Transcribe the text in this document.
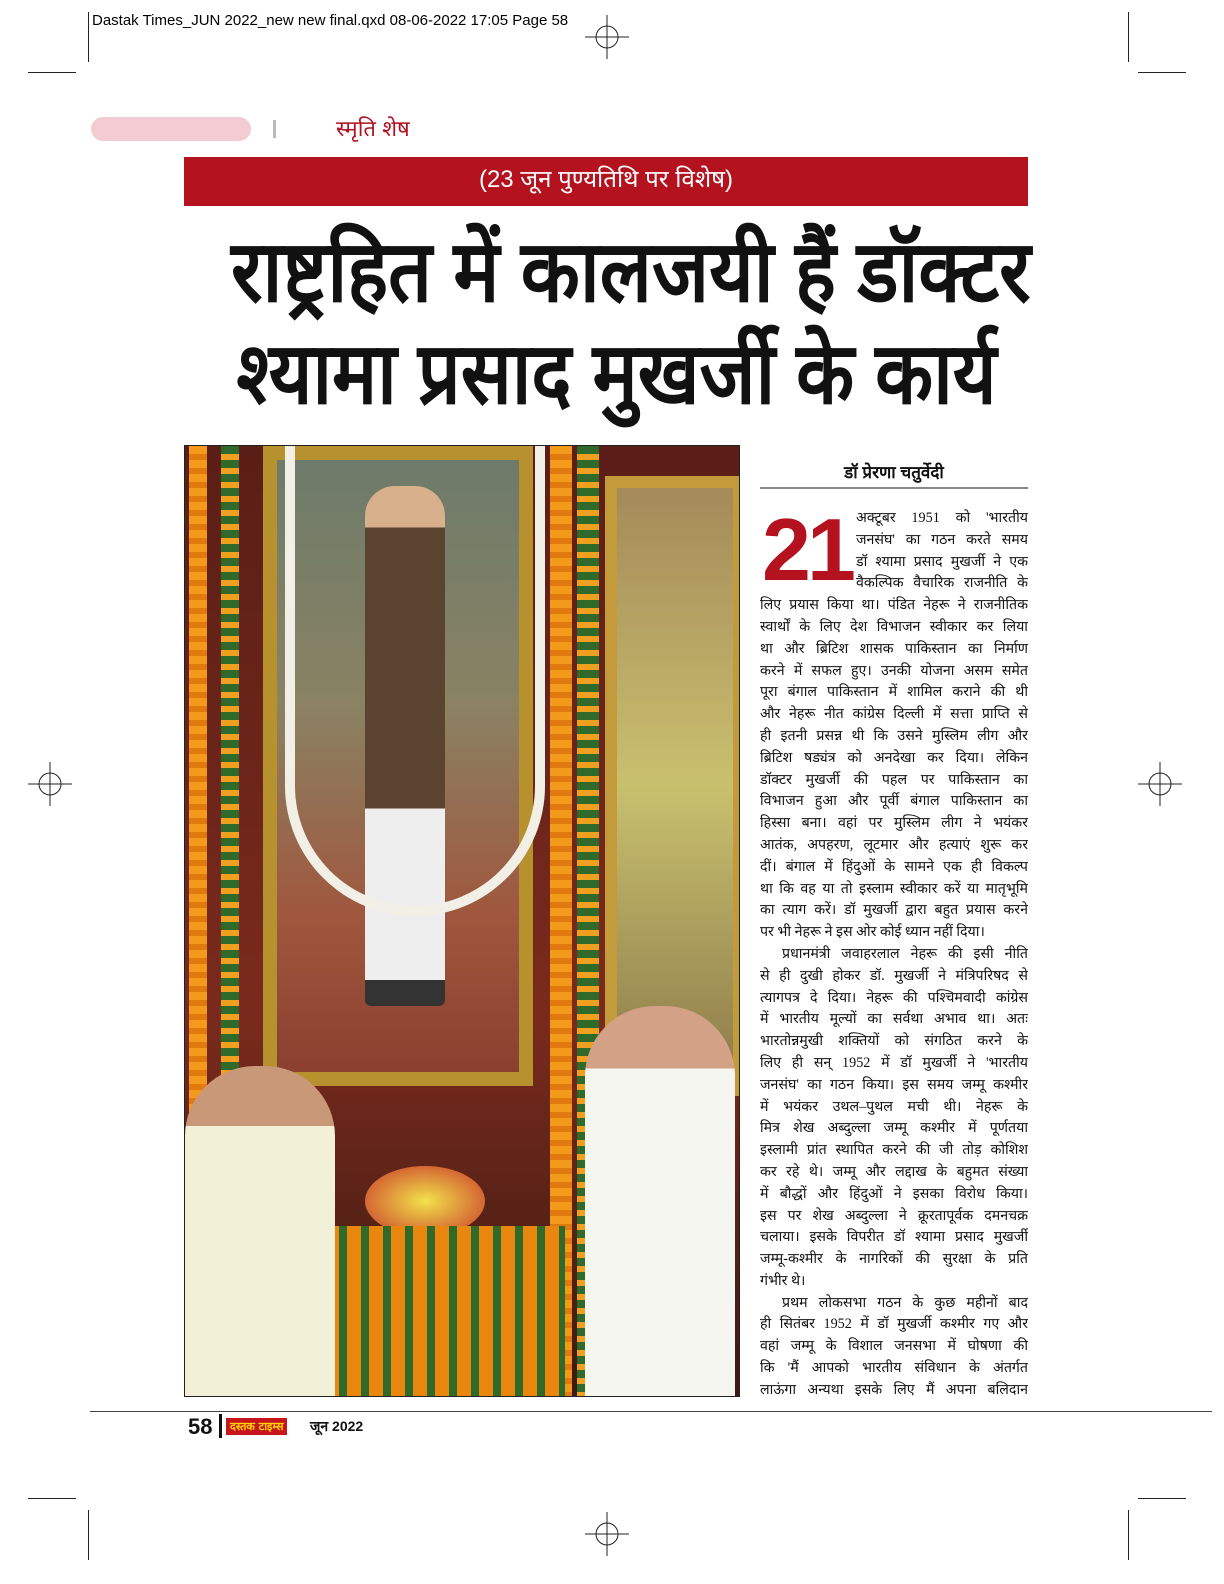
Dastak Times_JUN 2022_new new final.qxd 08-06-2022 17:05 Page 58
स्मृति शेष
(23 जून पुण्यतिथि पर विशेष)
राष्ट्रहित में कालजयी हैं डॉक्टर
श्यामा प्रसाद मुखर्जी के कार्य
डॉ प्रेरणा चतुर्वेदी
21 अक्टूबर 1951 को 'भारतीय
जनसंघ' का गठन करते समय
डॉ श्यामा प्रसाद मुखर्जी ने एक
वैकल्पिक वैचारिक राजनीति के
लिए प्रयास किया था। पंडित नेहरू ने राजनीतिक
स्वार्थों के लिए देश विभाजन स्वीकार कर लिया
था और ब्रिटिश शासक पाकिस्तान का निर्माण
करने में सफल हुए। उनकी योजना असम समेत
पूरा बंगाल पाकिस्तान में शामिल कराने की थी
और नेहरू नीत कांग्रेस दिल्ली में सत्ता प्राप्ति से
ही इतनी प्रसन्न थी कि उसने मुस्लिम लीग और
ब्रिटिश षड्यंत्र को अनदेखा कर दिया। लेकिन
डॉक्टर मुखर्जी की पहल पर पाकिस्तान का
विभाजन हुआ और पूर्वी बंगाल पाकिस्तान का
हिस्सा बना। वहां पर मुस्लिम लीग ने भयंकर
आतंक, अपहरण, लूटमार और हत्याएं शुरू कर
दीं। बंगाल में हिंदुओं के सामने एक ही विकल्प
था कि वह या तो इस्लाम स्वीकार करें या मातृभूमि
का त्याग करें। डॉ मुखर्जी द्वारा बहुत प्रयास करने
पर भी नेहरू ने इस ओर कोई ध्यान नहीं दिया।
प्रधानमंत्री जवाहरलाल नेहरू की इसी नीति
से ही दुखी होकर डॉ. मुखर्जी ने मंत्रिपरिषद से
त्यागपत्र दे दिया। नेहरू की पश्चिमवादी कांग्रेस
में भारतीय मूल्यों का सर्वथा अभाव था। अतः
भारतोन्नमुखी शक्तियों को संगठित करने के
लिए ही सन् 1952 में डॉ मुखर्जी ने 'भारतीय
जनसंघ' का गठन किया। इस समय जम्मू कश्मीर
में भयंकर उथल–पुथल मची थी। नेहरू के
मित्र शेख अब्दुल्ला जम्मू कश्मीर में पूर्णतया
इस्लामी प्रांत स्थापित करने की जी तोड़ कोशिश
कर रहे थे। जम्मू और लद्दाख के बहुमत संख्या
में बौद्धों और हिंदुओं ने इसका विरोध किया।
इस पर शेख अब्दुल्ला ने क्रूरतापूर्वक दमनचक्र
चलाया। इसके विपरीत डॉ श्यामा प्रसाद मुखर्जी
जम्मू-कश्मीर के नागरिकों की सुरक्षा के प्रति
गंभीर थे।
प्रथम लोकसभा गठन के कुछ महीनों बाद
ही सितंबर 1952 में डॉ मुखर्जी कश्मीर गए और
वहां जम्मू के विशाल जनसभा में घोषणा की
कि 'मैं आपको भारतीय संविधान के अंतर्गत
लाऊंगा अन्यथा इसके लिए मैं अपना बलिदान
58	दस्तक टाइम्स जून 2022
